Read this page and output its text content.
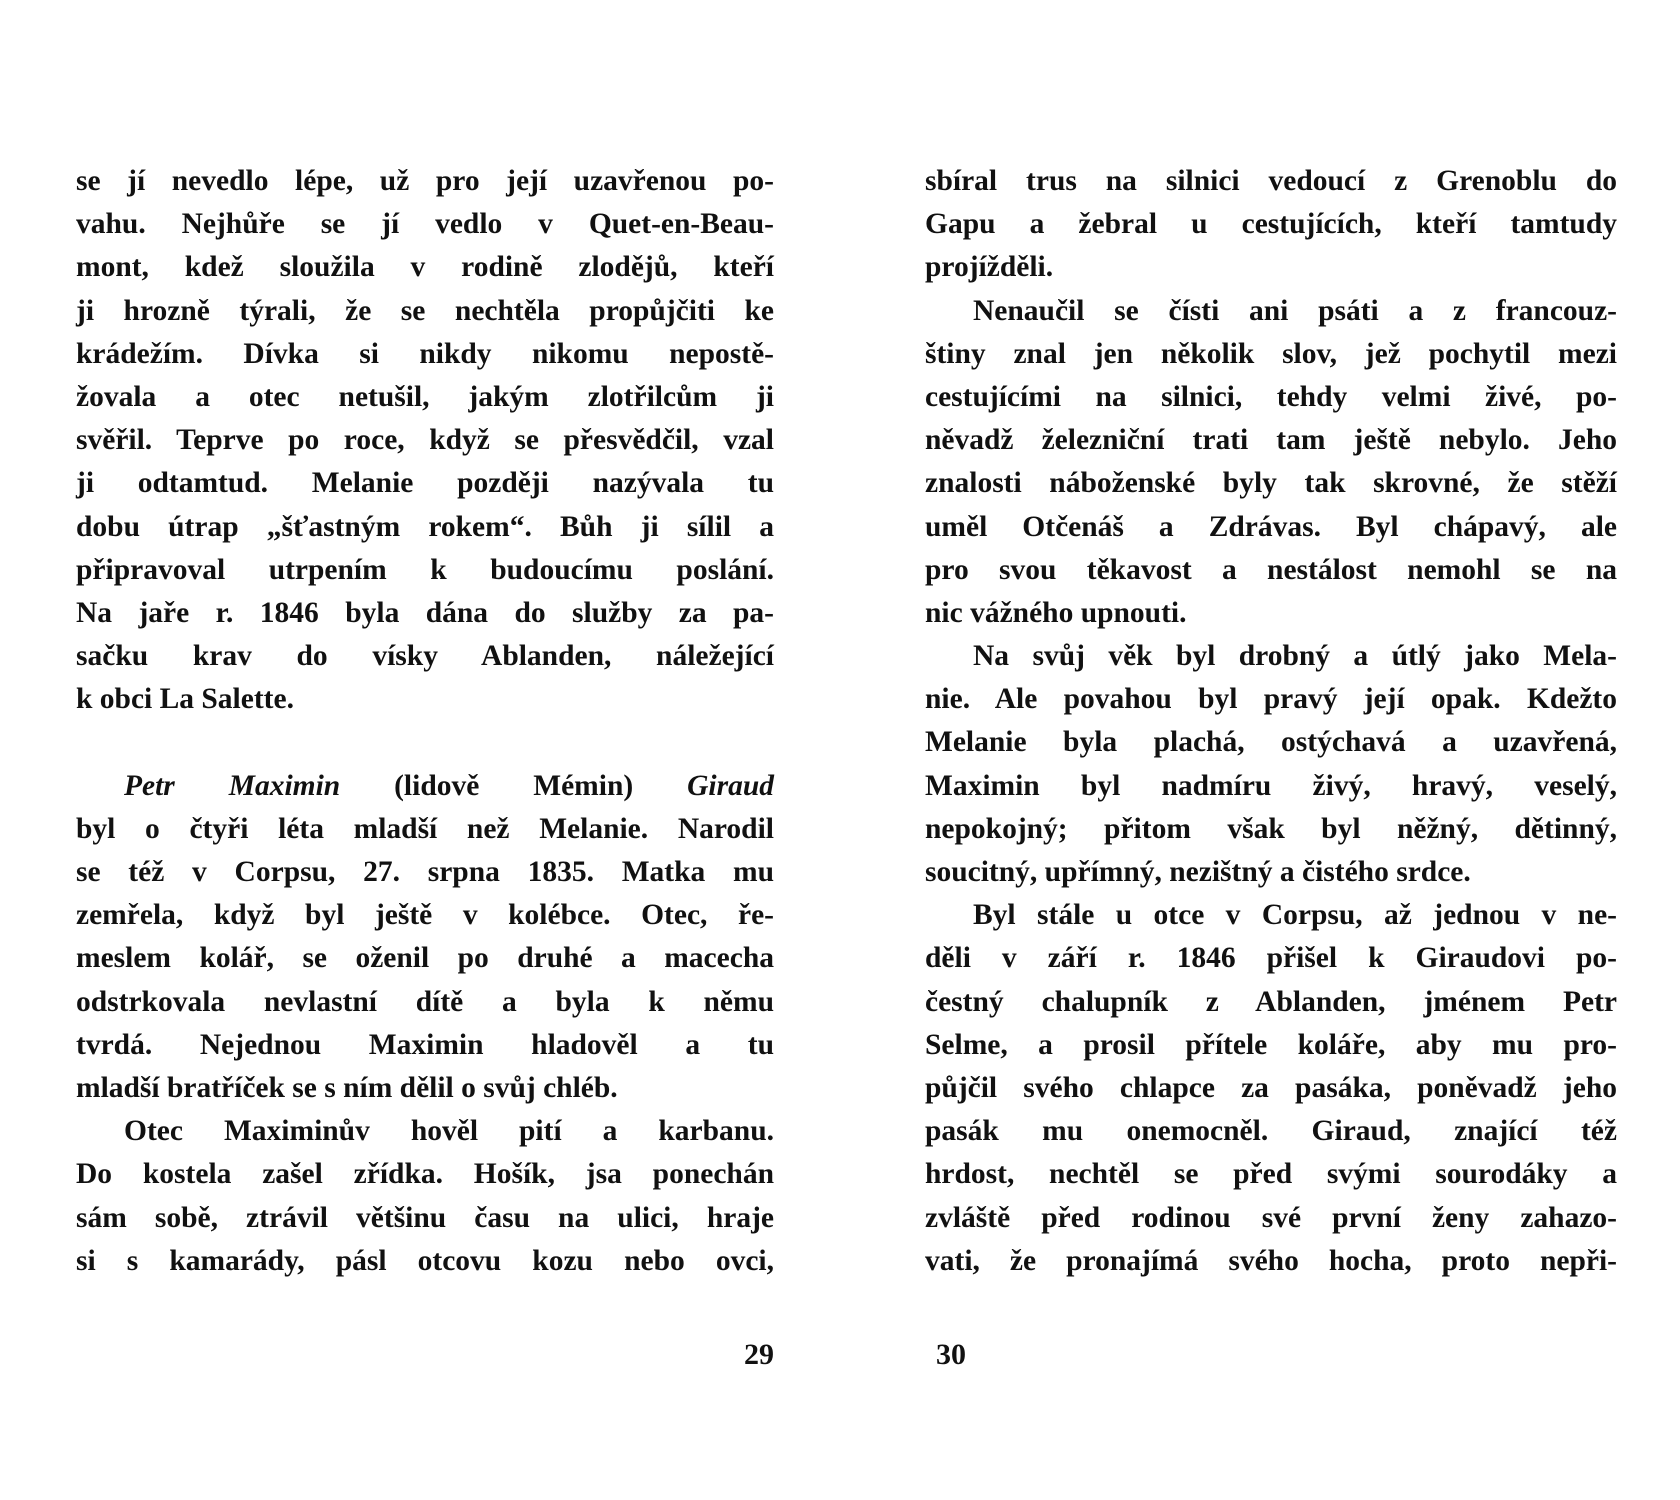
se jí nevedlo lépe, už pro její uzavřenou po-
vahu. Nejhůře se jí vedlo v Quet-en-Beau-
mont, kdež sloužila v rodině zlodějů, kteří
ji hrozně týrali, že se nechtěla propůjčiti ke
krádežím. Dívka si nikdy nikomu nepostě-
žovala a otec netušil, jakým zlotřilcům ji
svěřil. Teprve po roce, když se přesvědčil, vzal
ji odtamtud. Melanie později nazývala tu
dobu útrap „šťastným rokem“. Bůh ji sílil a
připravoval utrpením k budoucímu poslání.
Na jaře r. 1846 byla dána do služby za pa-
sačku krav do vísky Ablanden, náležející
k obci La Salette.
Petr Maximin (lidově Mémin) Giraud
byl o čtyři léta mladší než Melanie. Narodil
se též v Corpsu, 27. srpna 1835. Matka mu
zemřela, když byl ještě v kolébce. Otec, ře-
meslem kolář, se oženil po druhé a macecha
odstrkovala nevlastní dítě a byla k němu
tvrdá. Nejednou Maximin hladověl a tu
mladší bratříček se s ním dělil o svůj chléb.
Otec Maximinův hověl pití a karbanu.
Do kostela zašel zřídka. Hošík, jsa ponechán
sám sobě, ztrávil většinu času na ulici, hraje
si s kamarády, pásl otcovu kozu nebo ovci,
sbíral trus na silnici vedoucí z Grenoblu do
Gapu a žebral u cestujících, kteří tamtudy
projížděli.
Nenaučil se čísti ani psáti a z francouz-
štiny znal jen několik slov, jež pochytil mezi
cestujícími na silnici, tehdy velmi živé, po-
něvadž železniční trati tam ještě nebylo. Jeho
znalosti náboženské byly tak skrovné, že stěží
uměl Otčenáš a Zdrávas. Byl chápavý, ale
pro svou těkavost a nestálost nemohl se na
nic vážného upnouti.
Na svůj věk byl drobný a útlý jako Mela-
nie. Ale povahou byl pravý její opak. Kdežto
Melanie byla plachá, ostýchavá a uzavřená,
Maximin byl nadmíru živý, hravý, veselý,
nepokojný; přitom však byl něžný, dětinný,
soucitný, upřímný, nezištný a čistého srdce.
Byl stále u otce v Corpsu, až jednou v ne-
děli v září r. 1846 přišel k Giraudovi po-
čestný chalupník z Ablanden, jménem Petr
Selme, a prosil přítele koláře, aby mu pro-
půjčil svého chlapce za pasáka, poněvadž jeho
pasák mu onemocněl. Giraud, znající též
hrdost, nechtěl se před svými sourodáky a
zvláště před rodinou své první ženy zahazo-
vati, že pronajímá svého hocha, proto nepři-
29	30
